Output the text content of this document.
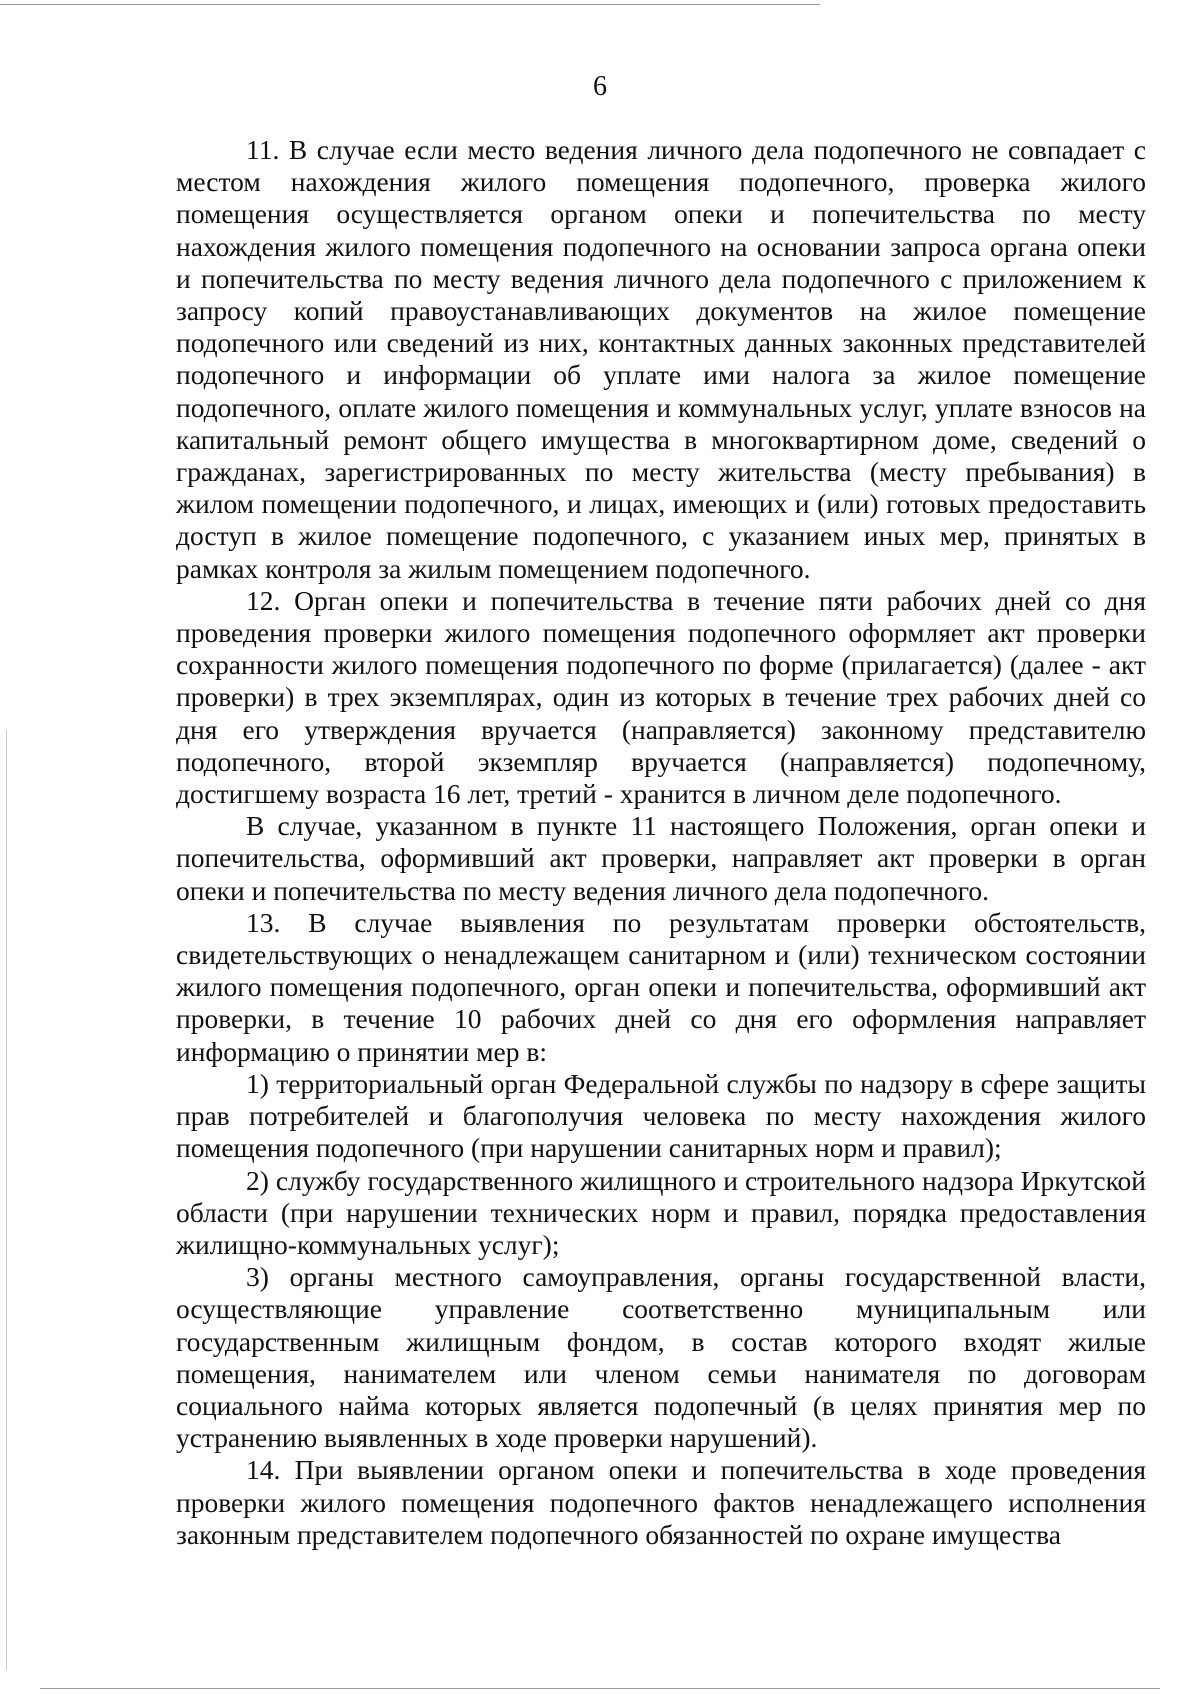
6

11. В случае если место ведения личного дела подопечного не совпадает с местом нахождения жилого помещения подопечного, проверка жилого помещения осуществляется органом опеки и попечительства по месту нахождения жилого помещения подопечного на основании запроса органа опеки и попечительства по месту ведения личного дела подопечного с приложением к запросу копий правоустанавливающих документов на жилое помещение подопечного или сведений из них, контактных данных законных представителей подопечного и информации об уплате ими налога за жилое помещение подопечного, оплате жилого помещения и коммунальных услуг, уплате взносов на капитальный ремонт общего имущества в многоквартирном доме, сведений о гражданах, зарегистрированных по месту жительства (месту пребывания) в жилом помещении подопечного, и лицах, имеющих и (или) готовых предоставить доступ в жилое помещение подопечного, с указанием иных мер, принятых в рамках контроля за жилым помещением подопечного.

12. Орган опеки и попечительства в течение пяти рабочих дней со дня проведения проверки жилого помещения подопечного оформляет акт проверки сохранности жилого помещения подопечного по форме (прилагается) (далее - акт проверки) в трех экземплярах, один из которых в течение трех рабочих дней со дня его утверждения вручается (направляется) законному представителю подопечного, второй экземпляр вручается (направляется) подопечному, достигшему возраста 16 лет, третий - хранится в личном деле подопечного.

В случае, указанном в пункте 11 настоящего Положения, орган опеки и попечительства, оформивший акт проверки, направляет акт проверки в орган опеки и попечительства по месту ведения личного дела подопечного.

13. В случае выявления по результатам проверки обстоятельств, свидетельствующих о ненадлежащем санитарном и (или) техническом состоянии жилого помещения подопечного, орган опеки и попечительства, оформивший акт проверки, в течение 10 рабочих дней со дня его оформления направляет информацию о принятии мер в:

1) территориальный орган Федеральной службы по надзору в сфере защиты прав потребителей и благополучия человека по месту нахождения жилого помещения подопечного (при нарушении санитарных норм и правил);

2) службу государственного жилищного и строительного надзора Иркутской области (при нарушении технических норм и правил, порядка предоставления жилищно-коммунальных услуг);

3) органы местного самоуправления, органы государственной власти, осуществляющие управление соответственно муниципальным или государственным жилищным фондом, в состав которого входят жилые помещения, нанимателем или членом семьи нанимателя по договорам социального найма которых является подопечный (в целях принятия мер по устранению выявленных в ходе проверки нарушений).

14. При выявлении органом опеки и попечительства в ходе проведения проверки жилого помещения подопечного фактов ненадлежащего исполнения законным представителем подопечного обязанностей по охране имущества
